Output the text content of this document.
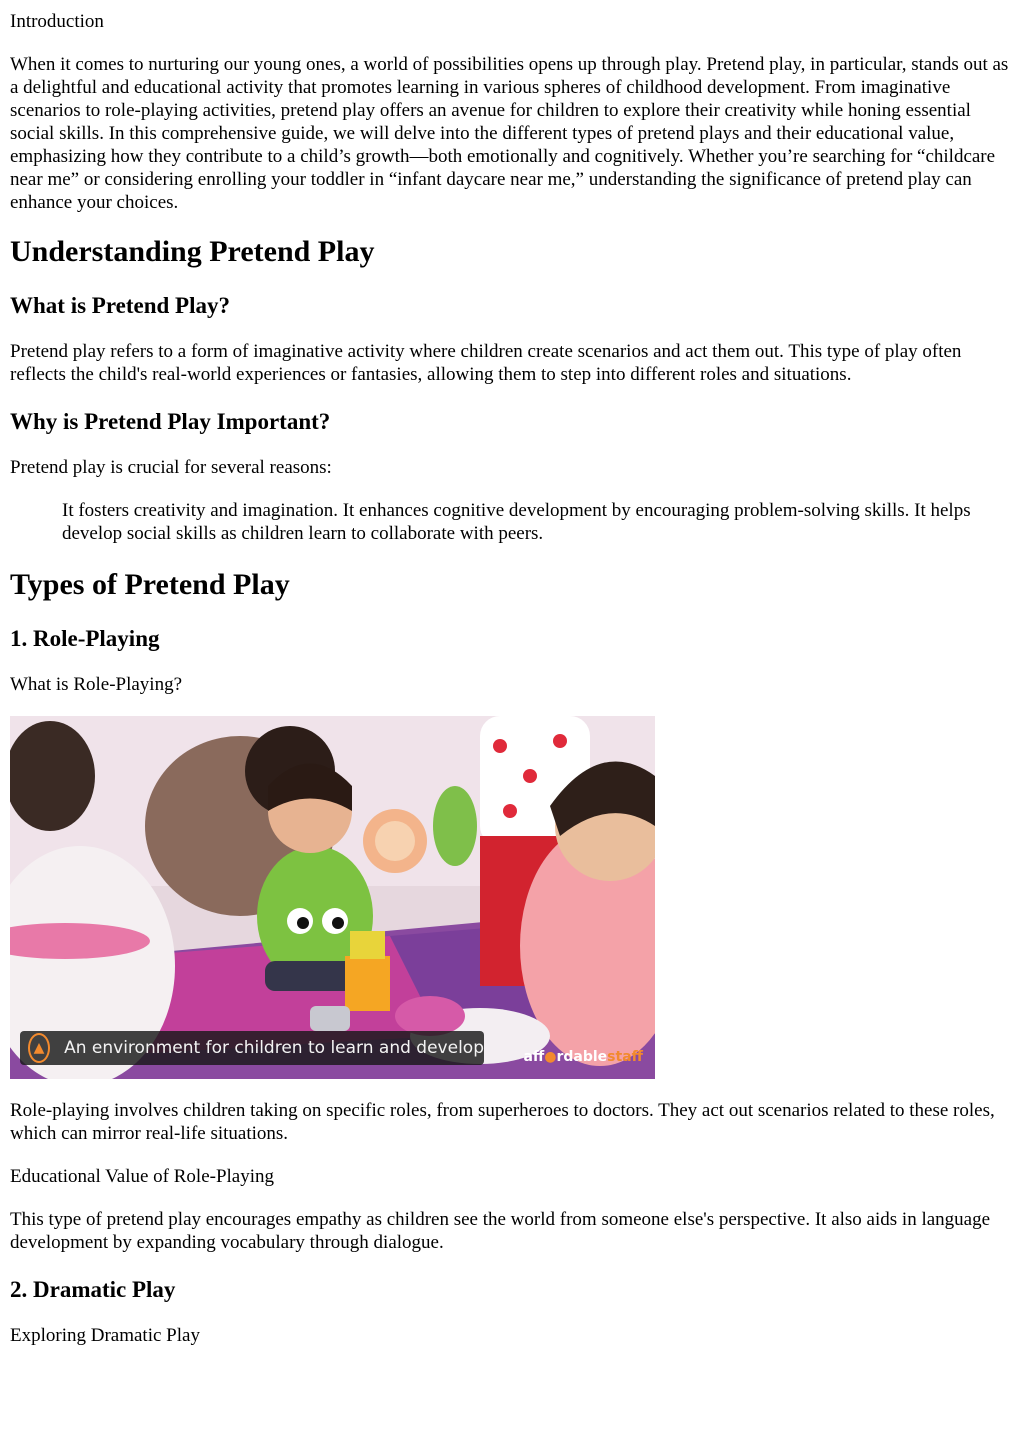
Introduction

When it comes to nurturing our young ones, a world of possibilities opens up through play. Pretend play, in particular, stands out as a delightful and educational activity that promotes learning in various spheres of childhood development. From imaginative scenarios to role-playing activities, pretend play offers an avenue for children to explore their creativity while honing essential social skills. In this comprehensive guide, we will delve into the different types of pretend plays and their educational value, emphasizing how they contribute to a child’s growth—both emotionally and cognitively. Whether you’re searching for “childcare near me” or considering enrolling your toddler in “infant daycare near me,” understanding the significance of pretend play can enhance your choices.

Understanding Pretend Play
What is Pretend Play?

Pretend play refers to a form of imaginative activity where children create scenarios and act them out. This type of play often reflects the child's real-world experiences or fantasies, allowing them to step into different roles and situations.

Why is Pretend Play Important?

Pretend play is crucial for several reasons:

It fosters creativity and imagination. It enhances cognitive development by encouraging problem-solving skills. It helps develop social skills as children learn to collaborate with peers.
Types of Pretend Play
1. Role-Playing

What is Role-Playing?

▲	An environment for children to learn and develop	aff●rdablestaff

Role-playing involves children taking on specific roles, from superheroes to doctors. They act out scenarios related to these roles, which can mirror real-life situations.

Educational Value of Role-Playing

This type of pretend play encourages empathy as children see the world from someone else's perspective. It also aids in language development by expanding vocabulary through dialogue.

2. Dramatic Play

Exploring Dramatic Play
